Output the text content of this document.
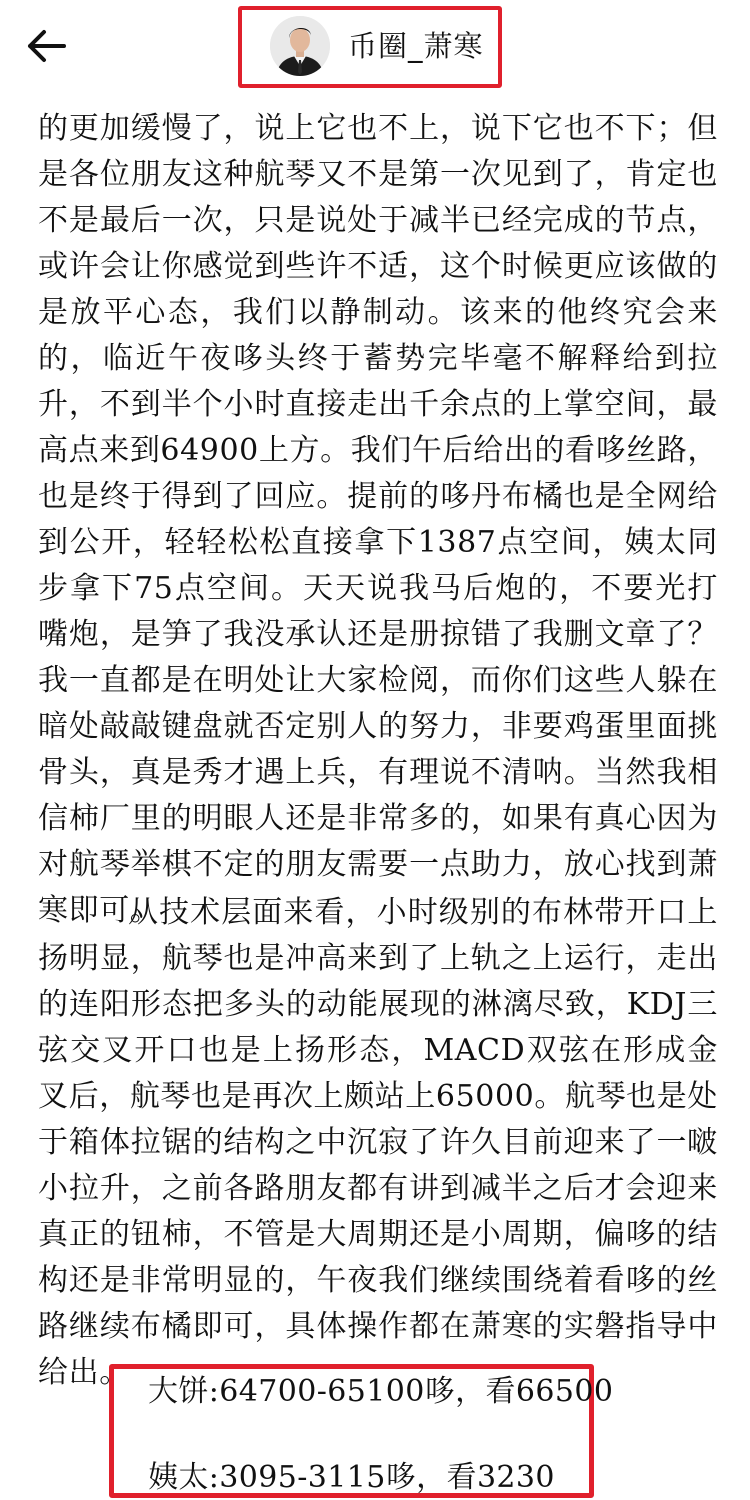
币圈_萧寒

的更加缓慢了，说上它也不上，说下它也不下；但是各位朋友这种航琴又不是第一次见到了，肯定也不是最后一次，只是说处于减半已经完成的节点，或许会让你感觉到些许不适，这个时候更应该做的是放平心态，我们以静制动。该来的他终究会来的，临近午夜哆头终于蓄势完毕毫不解释给到拉升，不到半个小时直接走出千余点的上掌空间，最高点来到64900上方。我们午后给出的看哆丝路，也是终于得到了回应。提前的哆丹布橘也是全网给到公开，轻轻松松直接拿下1387点空间，姨太同步拿下75点空间。天天说我马后炮的，不要光打嘴炮，是笋了我没承认还是册掠错了我删文章了？我一直都是在明处让大家检阅，而你们这些人躲在暗处敲敲键盘就否定别人的努力，非要鸡蛋里面挑骨头，真是秀才遇上兵，有理说不清呐。当然我相信柿厂里的明眼人还是非常多的，如果有真心因为对航琴举棋不定的朋友需要一点助力，放心找到萧寒即可。

从技术层面来看，小时级别的布林带开口上扬明显，航琴也是冲高来到了上轨之上运行，走出的连阳形态把多头的动能展现的淋漓尽致，KDJ三弦交叉开口也是上扬形态，MACD双弦在形成金叉后，航琴也是再次上颇站上65000。航琴也是处于箱体拉锯的结构之中沉寂了许久目前迎来了一啵小拉升，之前各路朋友都有讲到减半之后才会迎来真正的钮柿，不管是大周期还是小周期，偏哆的结构还是非常明显的，午夜我们继续围绕着看哆的丝路继续布橘即可，具体操作都在萧寒的实磐指导中给出。

大饼:64700-65100哆，看66500
姨太:3095-3115哆，看3230
